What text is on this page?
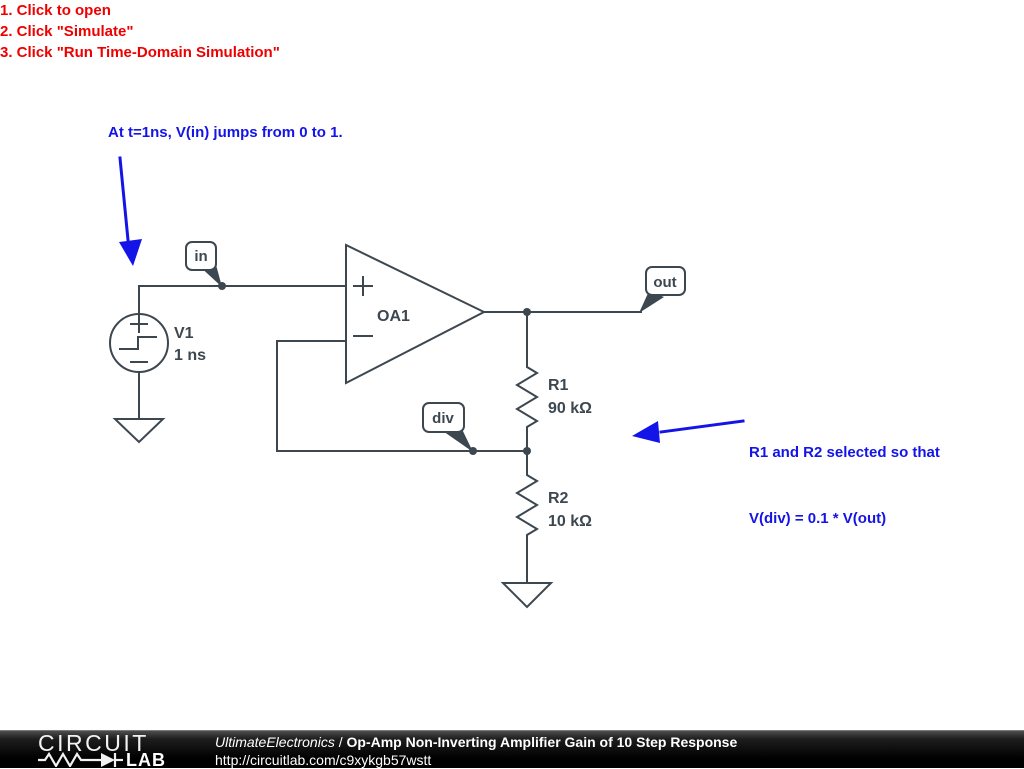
in
out
div
V1
1 ns
OA1
R1
90 kΩ
R2
10 kΩ
At t=1ns, V(in) jumps from 0 to 1.
1. Click to open
2. Click "Simulate"
3. Click "Run Time-Domain Simulation"

R1 and R2 selected so that

V(div) = 0.1 * V(out)

CIRCUIT
LAB
UltimateElectronics / Op-Amp Non-Inverting Amplifier Gain of 10 Step Response
http://circuitlab.com/c9xykgb57wstt
